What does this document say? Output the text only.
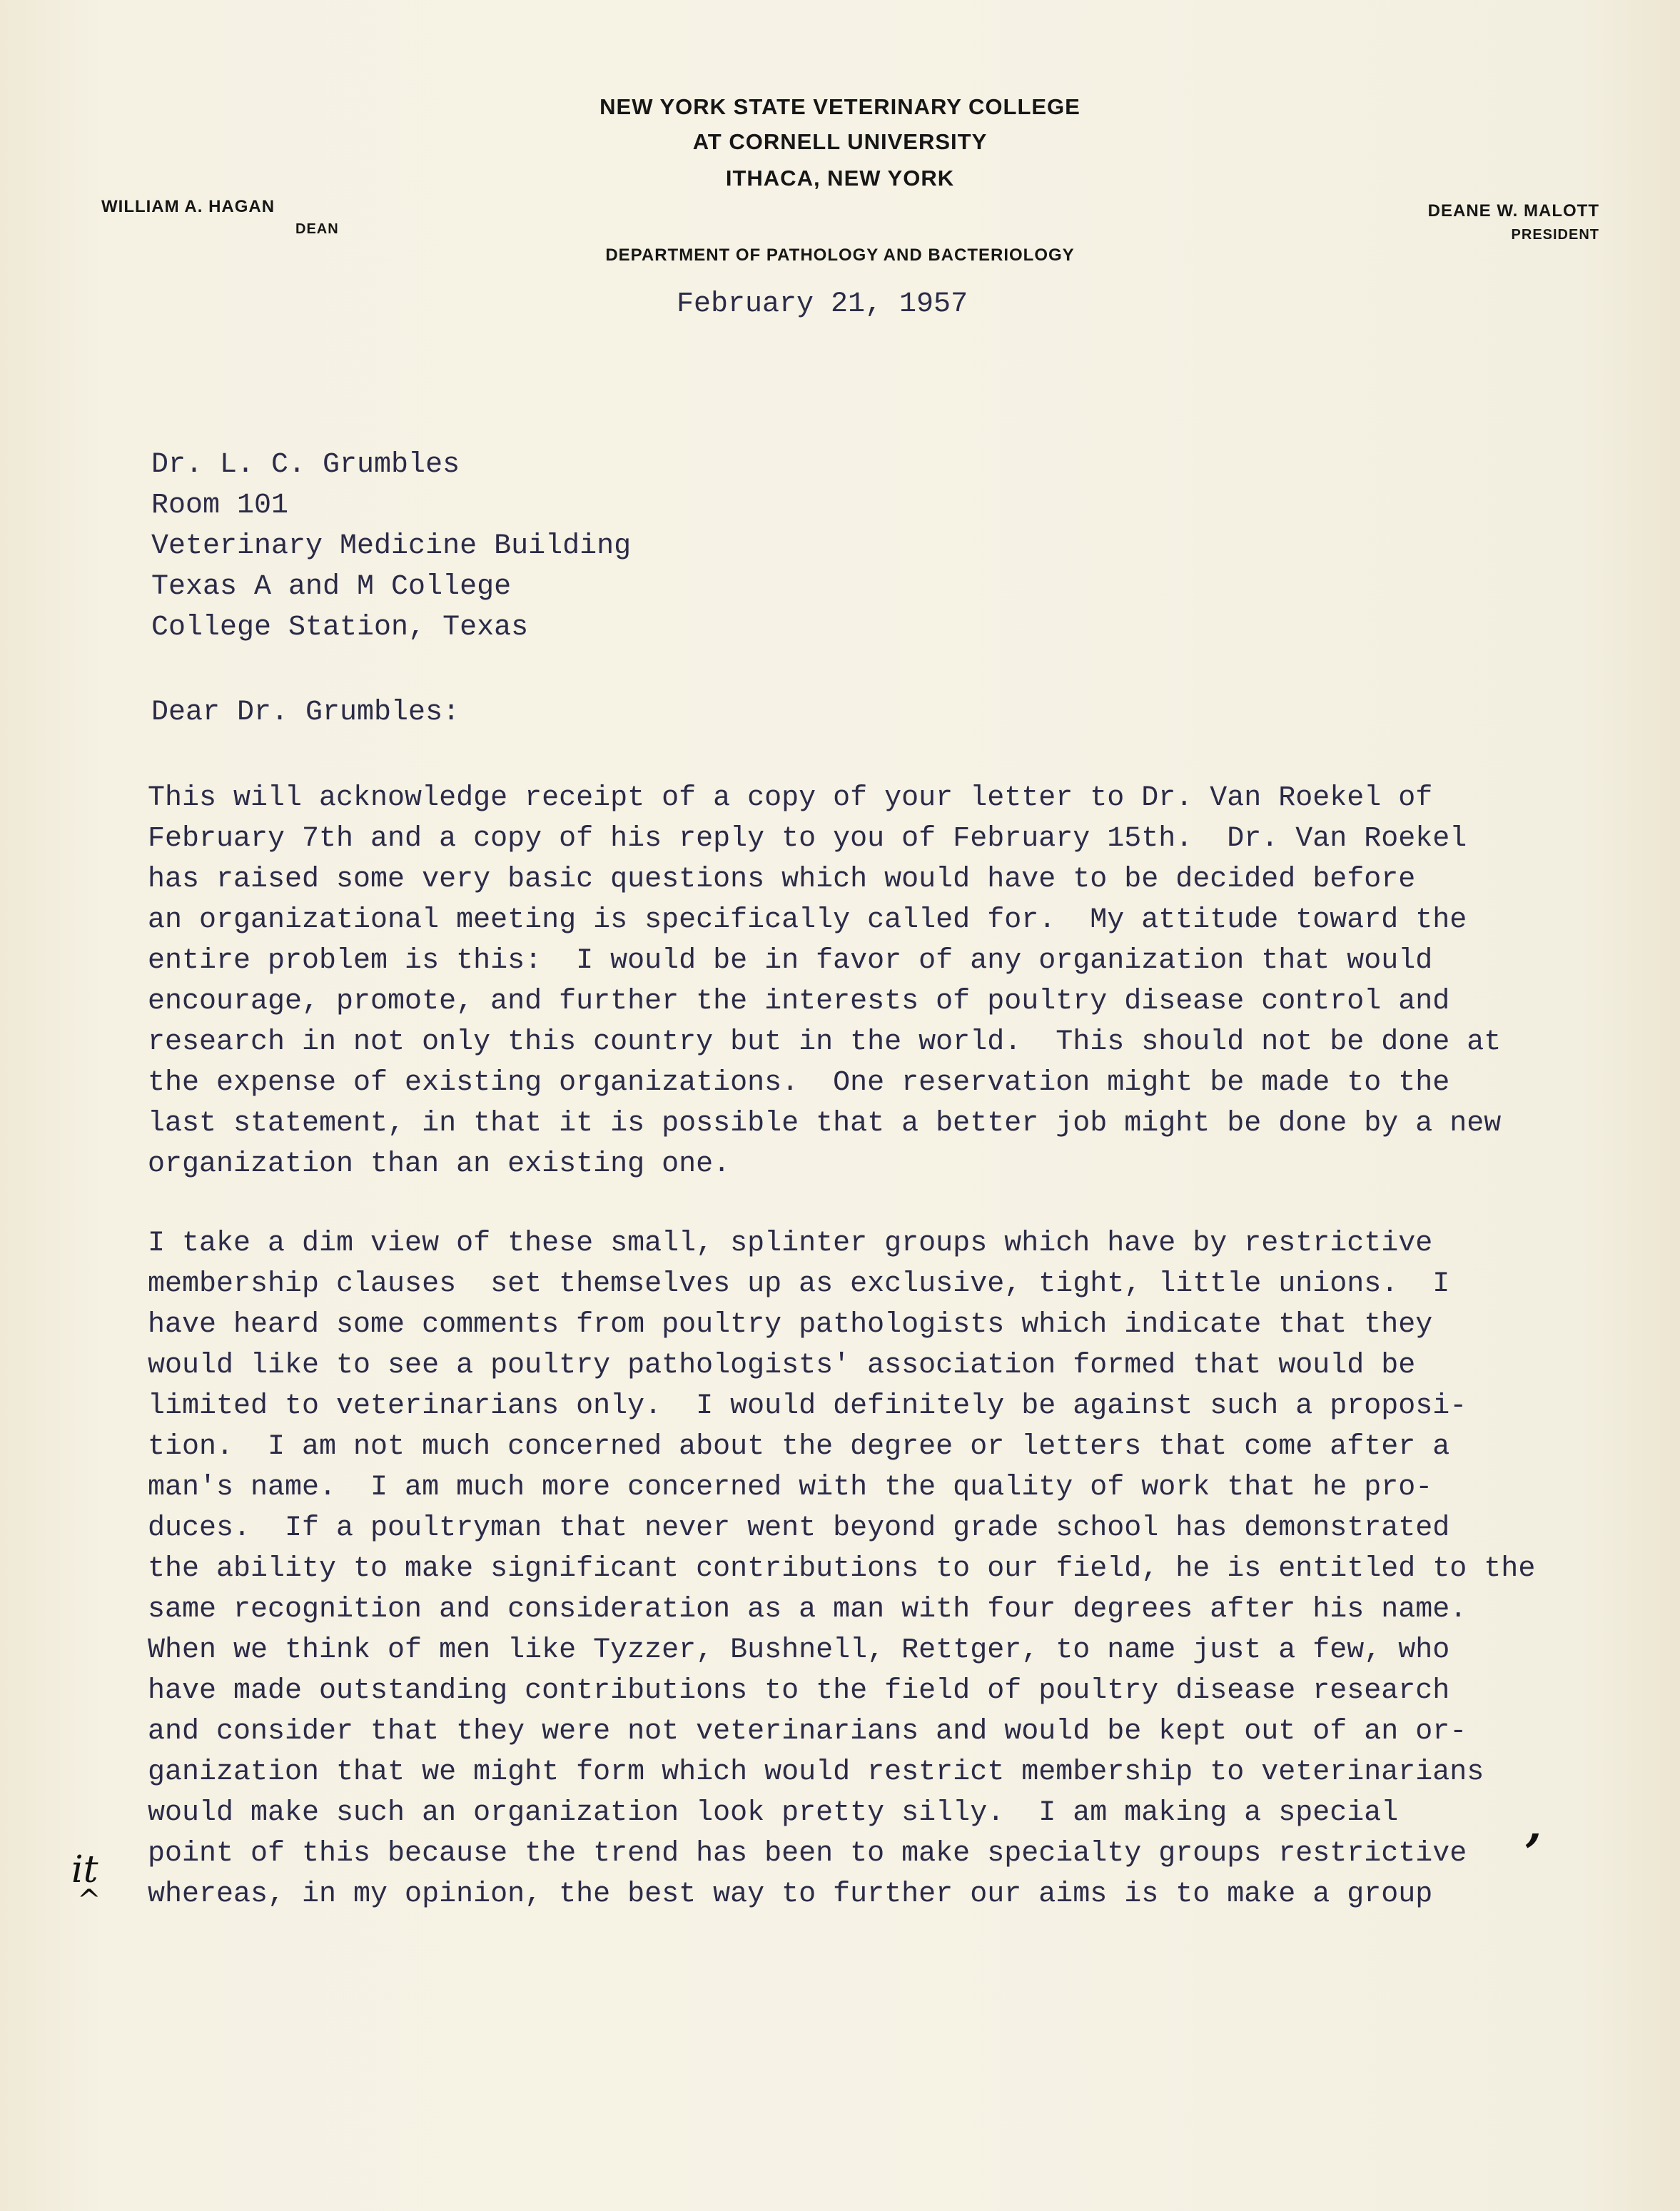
NEW YORK STATE VETERINARY COLLEGE
AT CORNELL UNIVERSITY
ITHACA, NEW YORK
WILLIAM A. HAGAN
DEAN
DEANE W. MALOTT
PRESIDENT
DEPARTMENT OF PATHOLOGY AND BACTERIOLOGY
February 21, 1957
Dr. L. C. Grumbles
Room 101
Veterinary Medicine Building
Texas A and M College
College Station, Texas
Dear Dr. Grumbles:
This will acknowledge receipt of a copy of your letter to Dr. Van Roekel of
February 7th and a copy of his reply to you of February 15th.  Dr. Van Roekel
has raised some very basic questions which would have to be decided before
an organizational meeting is specifically called for.  My attitude toward the
entire problem is this:  I would be in favor of any organization that would
encourage, promote, and further the interests of poultry disease control and
research in not only this country but in the world.  This should not be done at
the expense of existing organizations.  One reservation might be made to the
last statement, in that it is possible that a better job might be done by a new
organization than an existing one.
I take a dim view of these small, splinter groups which have by restrictive
membership clauses  set themselves up as exclusive, tight, little unions.  I
have heard some comments from poultry pathologists which indicate that they
would like to see a poultry pathologists' association formed that would be
limited to veterinarians only.  I would definitely be against such a proposi-
tion.  I am not much concerned about the degree or letters that come after a
man's name.  I am much more concerned with the quality of work that he pro-
duces.  If a poultryman that never went beyond grade school has demonstrated
the ability to make significant contributions to our field, he is entitled to the
same recognition and consideration as a man with four degrees after his name.
When we think of men like Tyzzer, Bushnell, Rettger, to name just a few, who
have made outstanding contributions to the field of poultry disease research
and consider that they were not veterinarians and would be kept out of an or-
ganization that we might form which would restrict membership to veterinarians
would make such an organization look pretty silly.  I am making a special
point of this because the trend has been to make specialty groups restrictive
whereas, in my opinion, the best way to further our aims is to make a group
it
^
,
